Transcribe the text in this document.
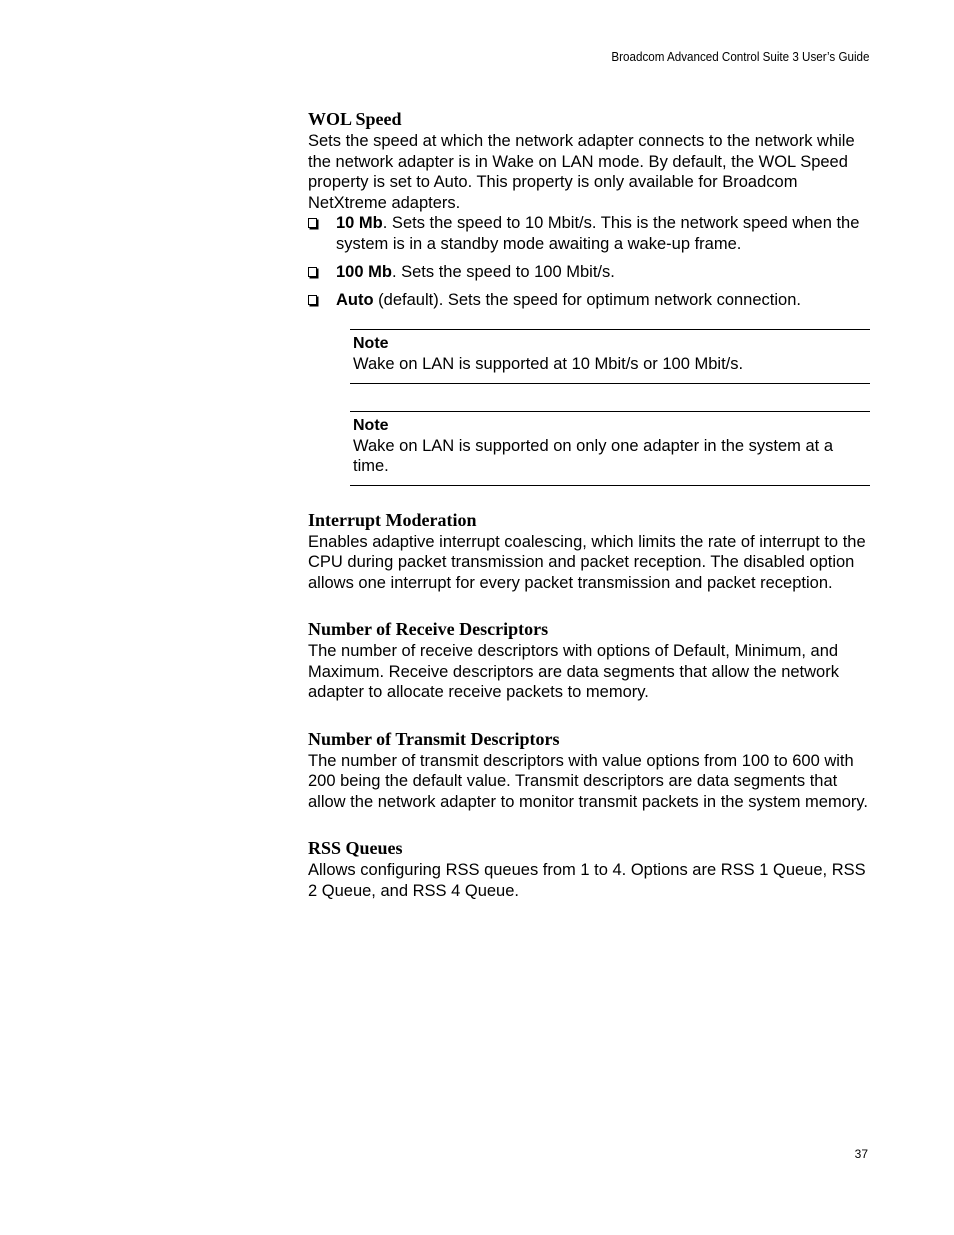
Broadcom Advanced Control Suite 3 User’s Guide
WOL Speed

Sets the speed at which the network adapter connects to the network while the network adapter is in Wake on LAN mode. By default, the WOL Speed property is set to Auto. This property is only available for Broadcom NetXtreme adapters.

10 Mb. Sets the speed to 10 Mbit/s. This is the network speed when the system is in a standby mode awaiting a wake-up frame.
100 Mb. Sets the speed to 100 Mbit/s.
Auto (default). Sets the speed for optimum network connection.
Note
Wake on LAN is supported at 10 Mbit/s or 100 Mbit/s.
Note
Wake on LAN is supported on only one adapter in the system at a time.
Interrupt Moderation

Enables adaptive interrupt coalescing, which limits the rate of interrupt to the CPU during packet transmission and packet reception. The disabled option allows one interrupt for every packet transmission and packet reception.

Number of Receive Descriptors

The number of receive descriptors with options of Default, Minimum, and Maximum. Receive descriptors are data segments that allow the network adapter to allocate receive packets to memory.

Number of Transmit Descriptors

The number of transmit descriptors with value options from 100 to 600 with 200 being the default value. Transmit descriptors are data segments that allow the network adapter to monitor transmit packets in the system memory.

RSS Queues

Allows configuring RSS queues from 1 to 4. Options are RSS 1 Queue, RSS 2 Queue, and RSS 4 Queue.

37
